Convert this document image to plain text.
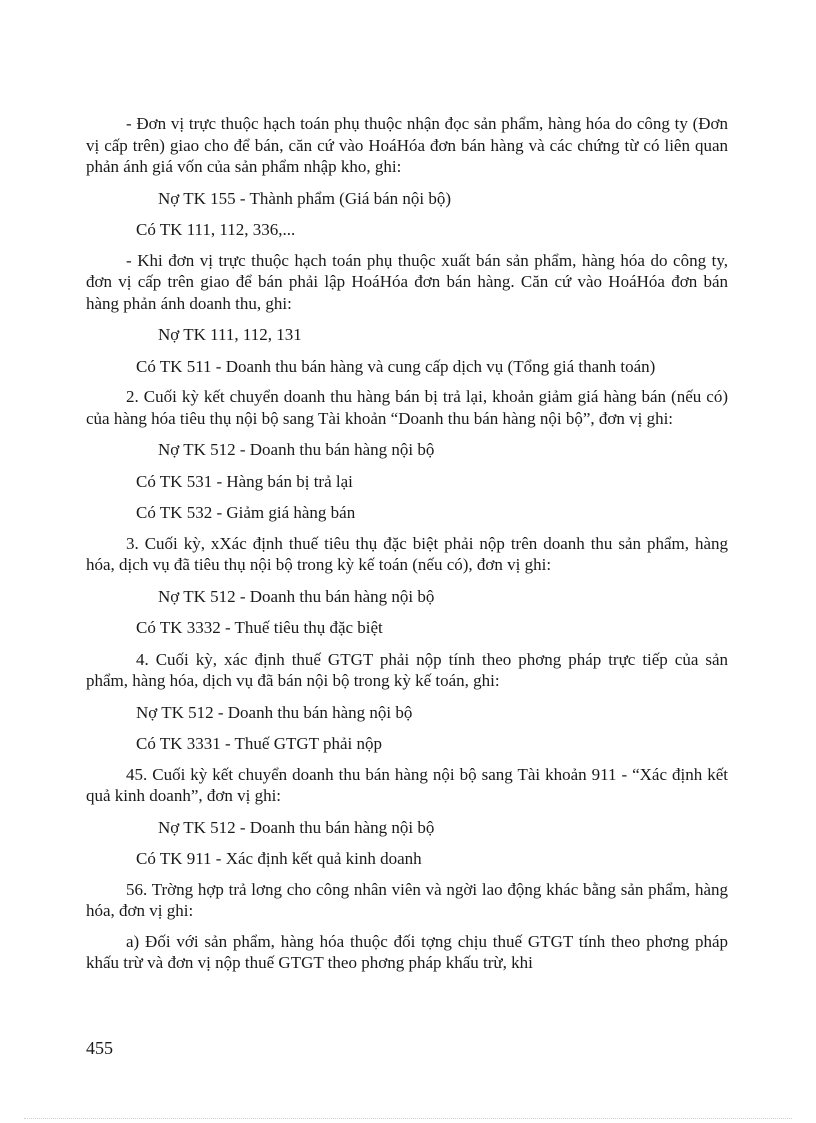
- Đơn vị trực thuộc hạch toán phụ thuộc nhận đọc sản phẩm, hàng hóa do công ty (Đơn vị cấp trên) giao cho để bán, căn cứ vào HoáHóa đơn bán hàng và các chứng từ có liên quan phản ánh giá vốn của sản phẩm nhập kho, ghi:

Nợ TK 155 - Thành phẩm (Giá bán nội bộ)

Có TK 111, 112, 336,...

- Khi đơn vị trực thuộc hạch toán phụ thuộc xuất bán sản phẩm, hàng hóa do công ty, đơn vị cấp trên giao để bán phải lập HoáHóa đơn bán hàng. Căn cứ vào HoáHóa đơn bán hàng phản ánh doanh thu, ghi:

Nợ TK 111, 112, 131

Có TK 511 - Doanh thu bán hàng và cung cấp dịch vụ (Tổng giá thanh toán)

2. Cuối kỳ kết chuyển doanh thu hàng bán bị trả lại, khoản giảm giá hàng bán (nếu có) của hàng hóa tiêu thụ nội bộ sang Tài khoản “Doanh thu bán hàng nội bộ”, đơn vị ghi:

Nợ TK 512 - Doanh thu bán hàng nội bộ

Có TK 531 - Hàng bán bị trả lại

Có TK 532 - Giảm giá hàng bán

3. Cuối kỳ, xXác định thuế tiêu thụ đặc biệt phải nộp trên doanh thu sản phẩm, hàng hóa, dịch vụ đã tiêu thụ nội bộ trong kỳ kế toán (nếu có), đơn vị ghi:

Nợ TK 512 - Doanh thu bán hàng nội bộ

Có TK 3332 - Thuế tiêu thụ đặc biệt

4. Cuối kỳ, xác định thuế GTGT phải nộp tính theo phơng pháp trực tiếp của sản phẩm, hàng hóa, dịch vụ đã bán nội bộ trong kỳ kế toán, ghi:

Nợ TK 512 - Doanh thu bán hàng nội bộ

Có TK 3331 - Thuế GTGT phải nộp

45. Cuối kỳ kết chuyển doanh thu bán hàng nội bộ sang Tài khoản 911 - “Xác định kết quả kinh doanh”, đơn vị ghi:

Nợ TK 512 - Doanh thu bán hàng nội bộ

Có TK 911 - Xác định kết quả kinh doanh

56. Trờng hợp trả lơng cho công nhân viên và ngời lao động khác bằng sản phẩm, hàng hóa, đơn vị ghi:

a) Đối với sản phẩm, hàng hóa thuộc đối tợng chịu thuế GTGT tính theo phơng pháp khấu trừ và đơn vị nộp thuế GTGT theo phơng pháp khấu trừ, khi

455
